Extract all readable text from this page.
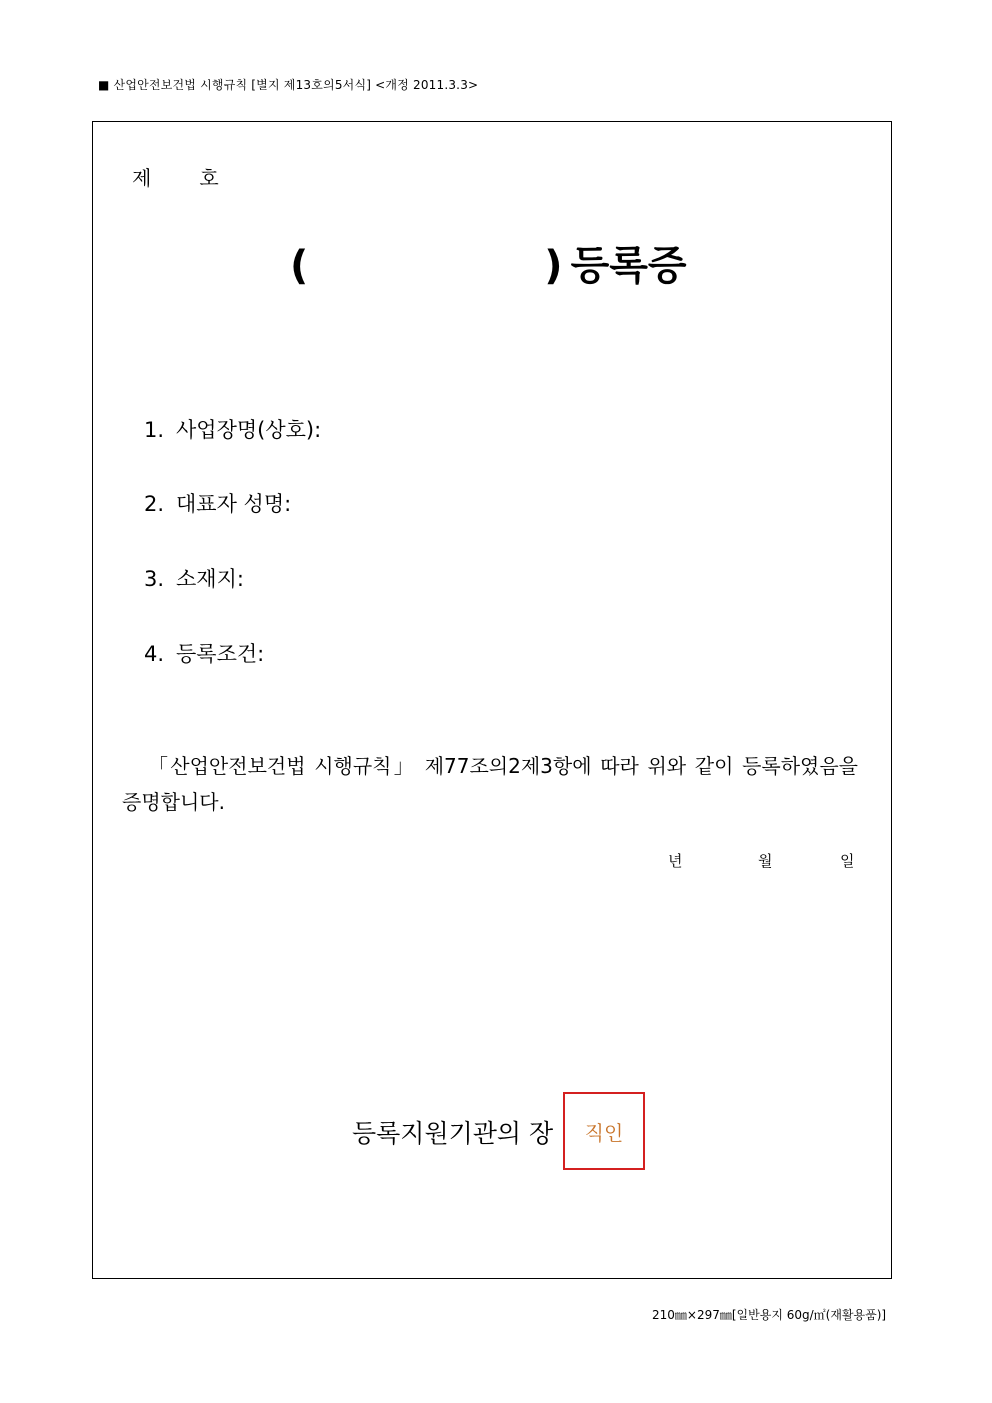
■ 산업안전보건법 시행규칙 [별지 제13호의5서식] <개정 2011.3.3>
제 호
(	) 등록증
1. 사업장명(상호):
2. 대표자 성명:
3. 소재지:
4. 등록조건:
「산업안전보건법 시행규칙」 제77조의2제3항에 따라 위와 같이 등록하였음을 증명합니다.
년	월	일
등록지원기관의 장 직인
210㎜×297㎜[일반용지 60g/㎡(재활용품)]
